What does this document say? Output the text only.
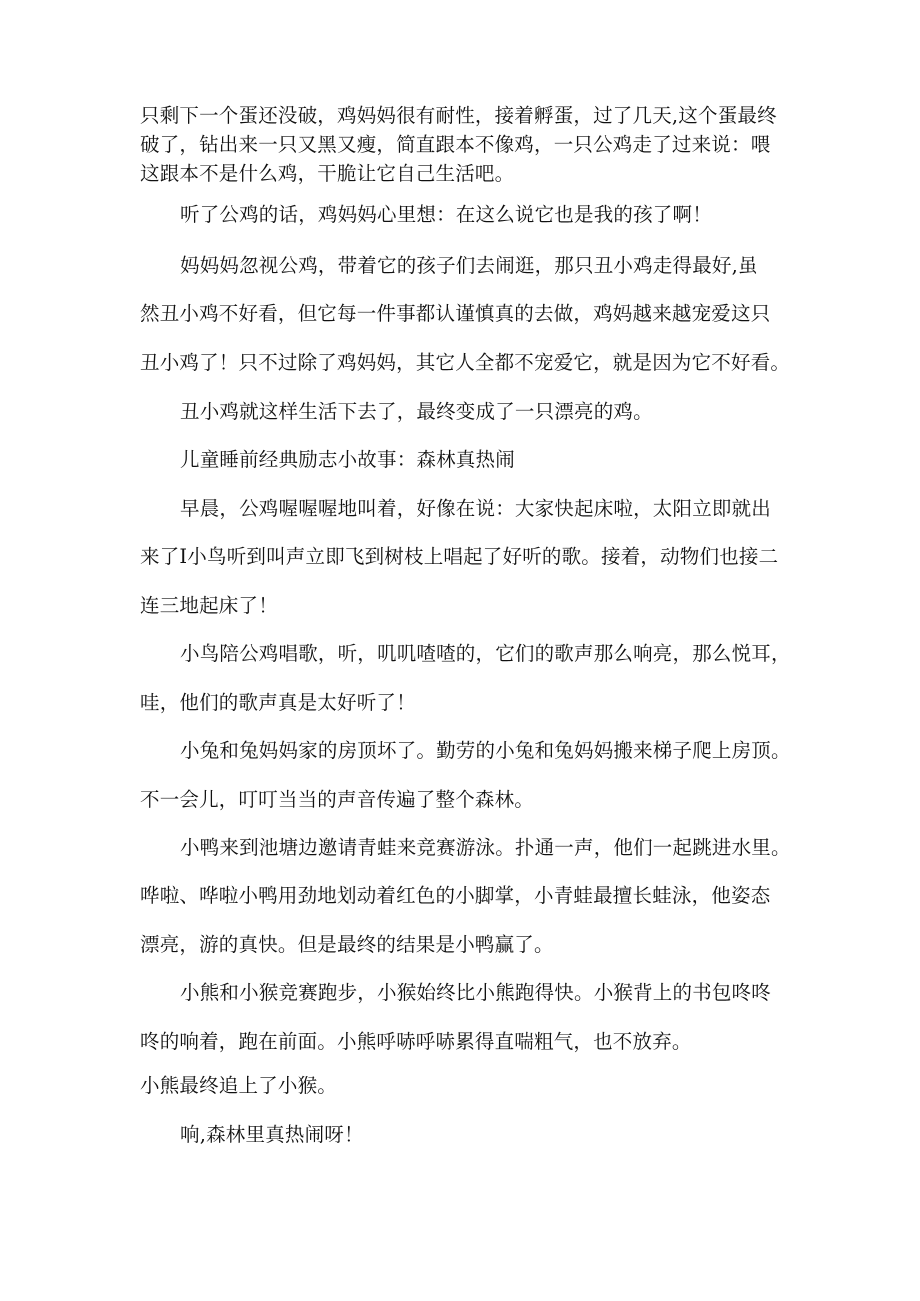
只剩下一个蛋还没破，鸡妈妈很有耐性，接着孵蛋，过了几天,这个蛋最终

破了，钻出来一只又黑又瘦，简直跟本不像鸡，一只公鸡走了过来说：喂

这跟本不是什么鸡，干脆让它自己生活吧。

听了公鸡的话，鸡妈妈心里想：在这么说它也是我的孩了啊！

妈妈妈忽视公鸡，带着它的孩子们去闹逛，那只丑小鸡走得最好,虽

然丑小鸡不好看，但它每一件事都认谨慎真的去做，鸡妈越来越宠爱这只

丑小鸡了！只不过除了鸡妈妈，其它人全都不宠爱它，就是因为它不好看。

丑小鸡就这样生活下去了，最终变成了一只漂亮的鸡。

儿童睡前经典励志小故事：森林真热闹

早晨，公鸡喔喔喔地叫着，好像在说：大家快起床啦，太阳立即就出

来了I小鸟听到叫声立即飞到树枝上唱起了好听的歌。接着，动物们也接二

连三地起床了！

小鸟陪公鸡唱歌，听，叽叽喳喳的，它们的歌声那么响亮，那么悦耳，

哇，他们的歌声真是太好听了！

小兔和兔妈妈家的房顶坏了。勤劳的小兔和兔妈妈搬来梯子爬上房顶。

不一会儿，叮叮当当的声音传遍了整个森林。

小鸭来到池塘边邀请青蛙来竞赛游泳。扑通一声，他们一起跳进水里。

哗啦、哗啦小鸭用劲地划动着红色的小脚掌，小青蛙最擅长蛙泳，他姿态

漂亮，游的真快。但是最终的结果是小鸭赢了。

小熊和小猴竞赛跑步，小猴始终比小熊跑得快。小猴背上的书包咚咚

咚的响着，跑在前面。小熊呼哧呼哧累得直喘粗气，也不放弃。

小熊最终追上了小猴。

响,森林里真热闹呀！
